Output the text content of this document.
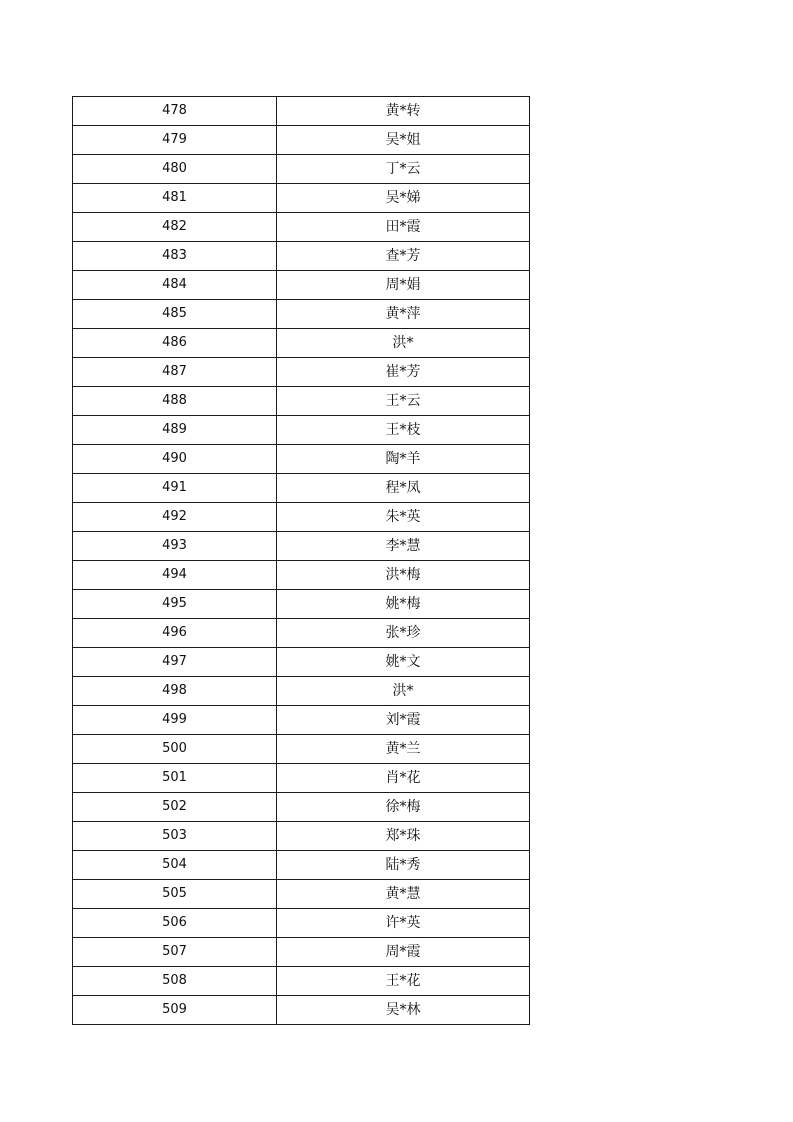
478	黄*转
479	吴*姐
480	丁*云
481	吴*娣
482	田*霞
483	查*芳
484	周*娟
485	黄*萍
486	洪*
487	崔*芳
488	王*云
489	王*枝
490	陶*羊
491	程*凤
492	朱*英
493	李*慧
494	洪*梅
495	姚*梅
496	张*珍
497	姚*文
498	洪*
499	刘*霞
500	黄*兰
501	肖*花
502	徐*梅
503	郑*珠
504	陆*秀
505	黄*慧
506	许*英
507	周*霞
508	王*花
509	吴*林
